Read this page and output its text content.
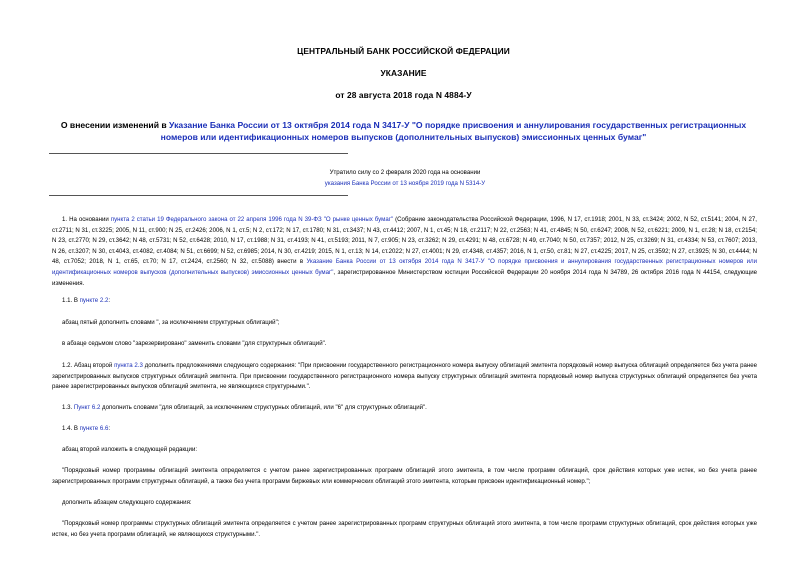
ЦЕНТРАЛЬНЫЙ БАНК РОССИЙСКОЙ ФЕДЕРАЦИИ
УКАЗАНИЕ
от 28 августа 2018 года N 4884-У
О внесении изменений в Указание Банка России от 13 октября 2014 года N 3417-У "О порядке присвоения и аннулирования государственных регистрационных номеров или идентификационных номеров выпусков (дополнительных выпусков) эмиссионных ценных бумаг"
Утратило силу со 2 февраля 2020 года на основании
указания Банка России от 13 ноября 2019 года N 5314-У
1. На основании пункта 2 статьи 19 Федерального закона от 22 апреля 1996 года N 39-ФЗ "О рынке ценных бумаг" (Собрание законодательства Российской Федерации, 1996, N 17, ст.1918; 2001, N 33, ст.3424; 2002, N 52, ст.5141; 2004, N 27, ст.2711; N 31, ст.3225; 2005, N 11, ст.900; N 25, ст.2426; 2006, N 1, ст.5; N 2, ст.172; N 17, ст.1780; N 31, ст.3437; N 43, ст.4412; 2007, N 1, ст.45; N 18, ст.2117; N 22, ст.2563; N 41, ст.4845; N 50, ст.6247; 2008, N 52, ст.6221; 2009, N 1, ст.28; N 18, ст.2154; N 23, ст.2770; N 29, ст.3642; N 48, ст.5731; N 52, ст.6428; 2010, N 17, ст.1988; N 31, ст.4193; N 41, ст.5193; 2011, N 7, ст.905; N 23, ст.3262; N 29, ст.4291; N 48, ст.6728; N 49, ст.7040; N 50, ст.7357; 2012, N 25, ст.3269; N 31, ст.4334; N 53, ст.7607; 2013, N 26, ст.3207; N 30, ст.4043, ст.4082, ст.4084; N 51, ст.6699; N 52, ст.6985; 2014, N 30, ст.4219; 2015, N 1, ст.13; N 14, ст.2022; N 27, ст.4001; N 29, ст.4348, ст.4357; 2016, N 1, ст.50, ст.81; N 27, ст.4225; 2017, N 25, ст.3592; N 27, ст.3925; N 30, ст.4444; N 48, ст.7052; 2018, N 1, ст.65, ст.70; N 17, ст.2424, ст.2560; N 32, ст.5088) внести в Указание Банка России от 13 октября 2014 года N 3417-У "О порядке присвоения и аннулирования государственных регистрационных номеров или идентификационных номеров выпусков (дополнительных выпусков) эмиссионных ценных бумаг", зарегистрированное Министерством юстиции Российской Федерации 20 ноября 2014 года N 34789, 26 октября 2016 года N 44154, следующие изменения.
1.1. В пункте 2.2:
абзац пятый дополнить словами ", за исключением структурных облигаций";
в абзаце седьмом слово "зарезервировано" заменить словами "для структурных облигаций".
1.2. Абзац второй пункта 2.3 дополнить предложениями следующего содержания: "При присвоении государственного регистрационного номера выпуску облигаций эмитента порядковый номер выпуска облигаций определяется без учета ранее зарегистрированных выпусков структурных облигаций эмитента. При присвоении государственного регистрационного номера выпуску структурных облигаций эмитента порядковый номер выпуска структурных облигаций определяется без учета ранее зарегистрированных выпусков облигаций эмитента, не являющихся структурными.".
1.3. Пункт 6.2 дополнить словами "для облигаций, за исключением структурных облигаций, или "6" для структурных облигаций".
1.4. В пункте 6.6:
абзац второй изложить в следующей редакции:
"Порядковый номер программы облигаций эмитента определяется с учетом ранее зарегистрированных программ облигаций этого эмитента, в том числе программ облигаций, срок действия которых уже истек, но без учета ранее зарегистрированных программ структурных облигаций, а также без учета программ биржевых или коммерческих облигаций этого эмитента, которым присвоен идентификационный номер.";
дополнить абзацем следующего содержания:
"Порядковый номер программы структурных облигаций эмитента определяется с учетом ранее зарегистрированных программ структурных облигаций этого эмитента, в том числе программ структурных облигаций, срок действия которых уже истек, но без учета программ облигаций, не являющихся структурными.".
